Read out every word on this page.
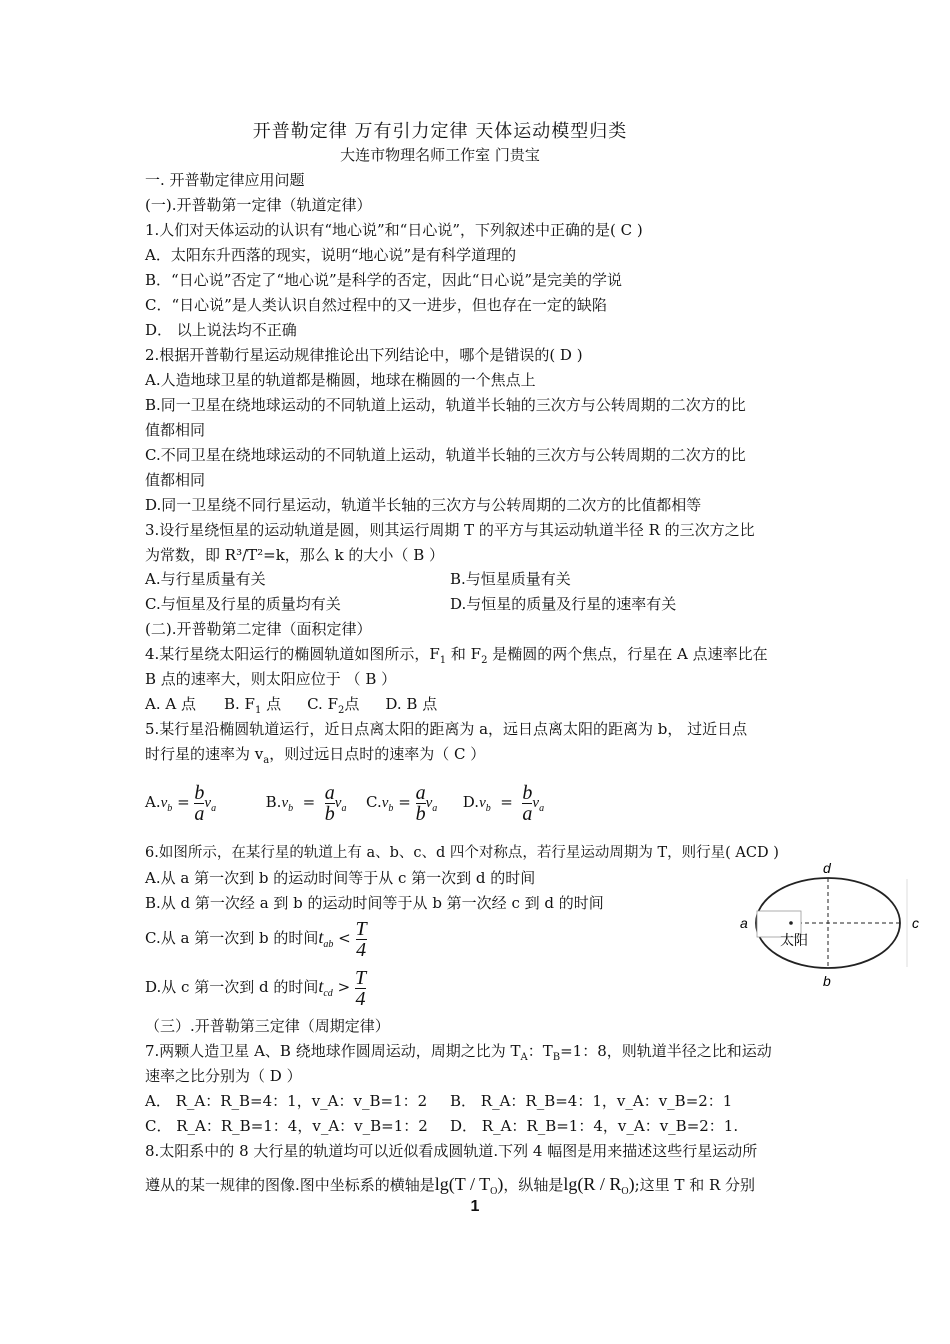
开普勒定律 万有引力定律 天体运动模型归类
大连市物理名师工作室 门贵宝
一. 开普勒定律应用问题
(一).开普勒第一定律（轨道定律）
1.人们对天体运动的认识有“地心说”和“日心说”，下列叙述中正确的是( C )
A．太阳东升西落的现实，说明“地心说”是有科学道理的
B．“日心说”否定了“地心说”是科学的否定，因此“日心说”是完美的学说
C．“日心说”是人类认识自然过程中的又一进步，但也存在一定的缺陷
D． 以上说法均不正确
2.根据开普勒行星运动规律推论出下列结论中，哪个是错误的( D )
A.人造地球卫星的轨道都是椭圆，地球在椭圆的一个焦点上
B.同一卫星在绕地球运动的不同轨道上运动，轨道半长轴的三次方与公转周期的二次方的比
值都相同
C.不同卫星在绕地球运动的不同轨道上运动，轨道半长轴的三次方与公转周期的二次方的比
值都相同
D.同一卫星绕不同行星运动，轨道半长轴的三次方与公转周期的二次方的比值都相等
3.设行星绕恒星的运动轨道是圆，则其运行周期 T 的平方与其运动轨道半径 R 的三次方之比
为常数，即 R³/T²=k，那么 k 的大小（ B ）
A.与行星质量有关	B.与恒星质量有关
C.与恒星及行星的质量均有关	D.与恒星的质量及行星的速率有关
(二).开普勒第二定律（面积定律）
4.某行星绕太阳运行的椭圆轨道如图所示，$F_1$ 和 $F_2$ 是椭圆的两个焦点，行星在 A 点速率比在
B 点的速率大，则太阳应位于 （ B ）
A. A 点 B. $F_1$ 点 C. $F_2$点 D. B 点
5.某行星沿椭圆轨道运行，近日点离太阳的距离为 a，远日点离太阳的距离为 b， 过近日点
时行星的速率为 $v_a$，则过远日点时的速率为（ C ）
$A.v_b = \frac{b}{a} v_a$	$B.v_b = \frac{a}{b} v_a$ $C.v_b = \frac{a}{b} v_a$ $D.v_b = \frac{b}{a} v_a$
6.如图所示，在某行星的轨道上有 a、b、c、d 四个对称点，若行星运动周期为 T，则行星( ACD )
A.从 a 第一次到 b 的运动时间等于从 c 第一次到 d 的时间
B.从 d 第一次经 a 到 b 的运动时间等于从 b 第一次经 c 到 d 的时间
C.从 a 第一次到 b 的时间$t_{ab} < \frac{T}{4}$
D.从 c 第一次到 d 的时间$t_{cd} > \frac{T}{4}$
a
d
b
c
太阳
（三）.开普勒第三定律（周期定律）
7.两颗人造卫星 A、B 绕地球作圆周运动，周期之比为 $T_A$：$T_B=1$：8，则轨道半径之比和运动
速率之比分别为（ D ）
A． R_A：R_B=4：1，v_A：v_B=1：2 B． R_A：R_B=4：1，v_A：v_B=2：1
C． R_A：R_B=1：4，v_A：v_B=1：2 D． R_A：R_B=1：4，v_A：v_B=2：1.
8.太阳系中的 8 大行星的轨道均可以近似看成圆轨道.下列 4 幅图是用来描述这些行星运动所
遵从的某一规律的图像.图中坐标系的横轴是$\lg(T / T_O)$，纵轴是$\lg(R / R_O)$;这里 T 和 R 分别
1
